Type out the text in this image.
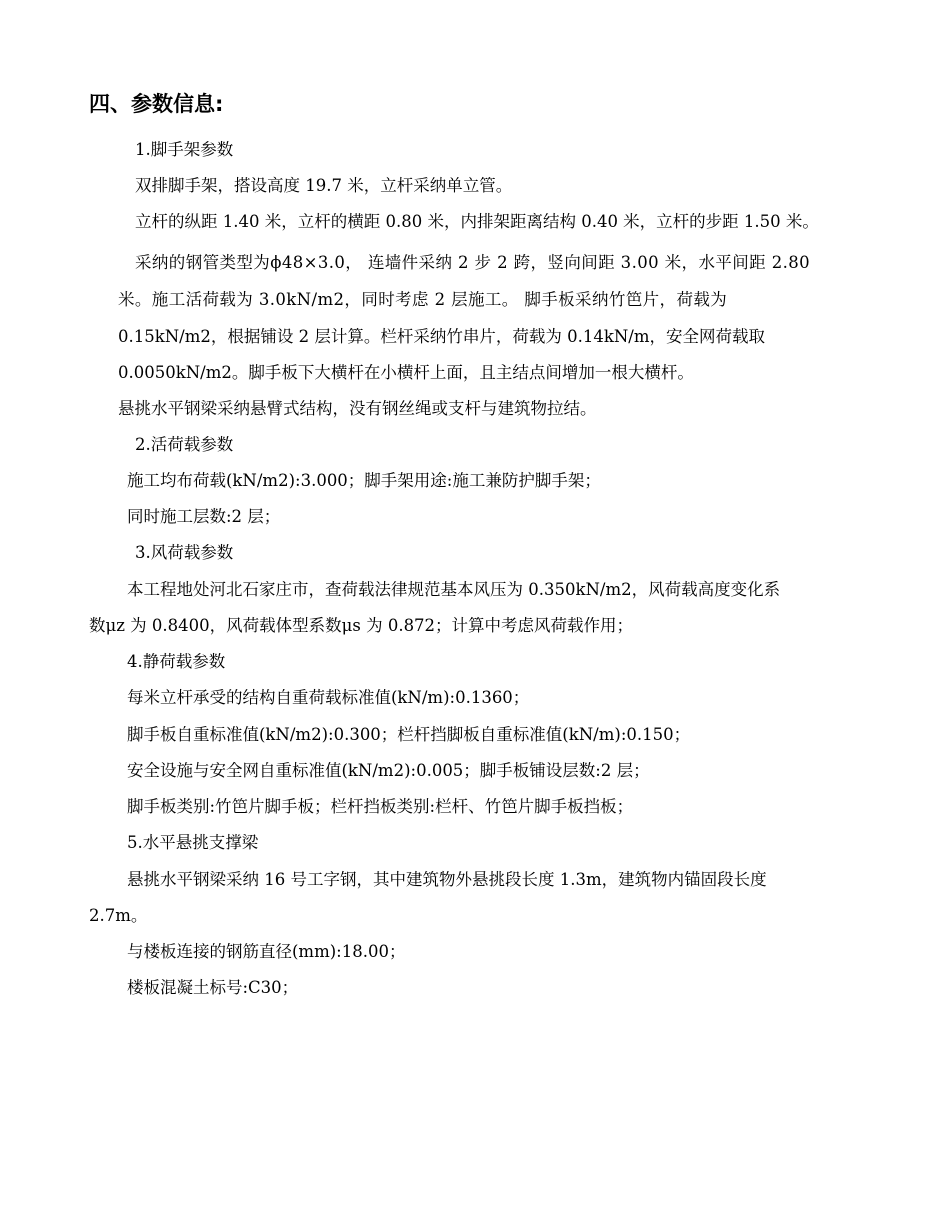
四、参数信息:
1.脚手架参数
双排脚手架，搭设高度 19.7 米，立杆采纳单立管。
立杆的纵距 1.40 米，立杆的横距 0.80 米，内排架距离结构 0.40 米，立杆的步距 1.50 米。
采纳的钢管类型为ϕ48×3.0， 连墙件采纳 2 步 2 跨，竖向间距 3.00 米，水平间距 2.80
米。施工活荷载为 3.0kN/m2，同时考虑 2 层施工。 脚手板采纳竹笆片，荷载为
0.15kN/m2，根据铺设 2 层计算。栏杆采纳竹串片，荷载为 0.14kN/m，安全网荷载取
0.0050kN/m2。脚手板下大横杆在小横杆上面，且主结点间增加一根大横杆。
悬挑水平钢梁采纳悬臂式结构，没有钢丝绳或支杆与建筑物拉结。
2.活荷载参数
施工均布荷载(kN/m2):3.000；脚手架用途:施工兼防护脚手架；
同时施工层数:2 层；
3.风荷载参数
本工程地处河北石家庄市，查荷载法律规范基本风压为 0.350kN/m2，风荷载高度变化系
数μz 为 0.8400，风荷载体型系数μs 为 0.872；计算中考虑风荷载作用；
4.静荷载参数
每米立杆承受的结构自重荷载标准值(kN/m):0.1360；
脚手板自重标准值(kN/m2):0.300；栏杆挡脚板自重标准值(kN/m):0.150；
安全设施与安全网自重标准值(kN/m2):0.005；脚手板铺设层数:2 层；
脚手板类别:竹笆片脚手板；栏杆挡板类别:栏杆、竹笆片脚手板挡板；
5.水平悬挑支撑梁
悬挑水平钢梁采纳 16 号工字钢，其中建筑物外悬挑段长度 1.3m，建筑物内锚固段长度
2.7m。
与楼板连接的钢筋直径(mm):18.00；
楼板混凝土标号:C30；
